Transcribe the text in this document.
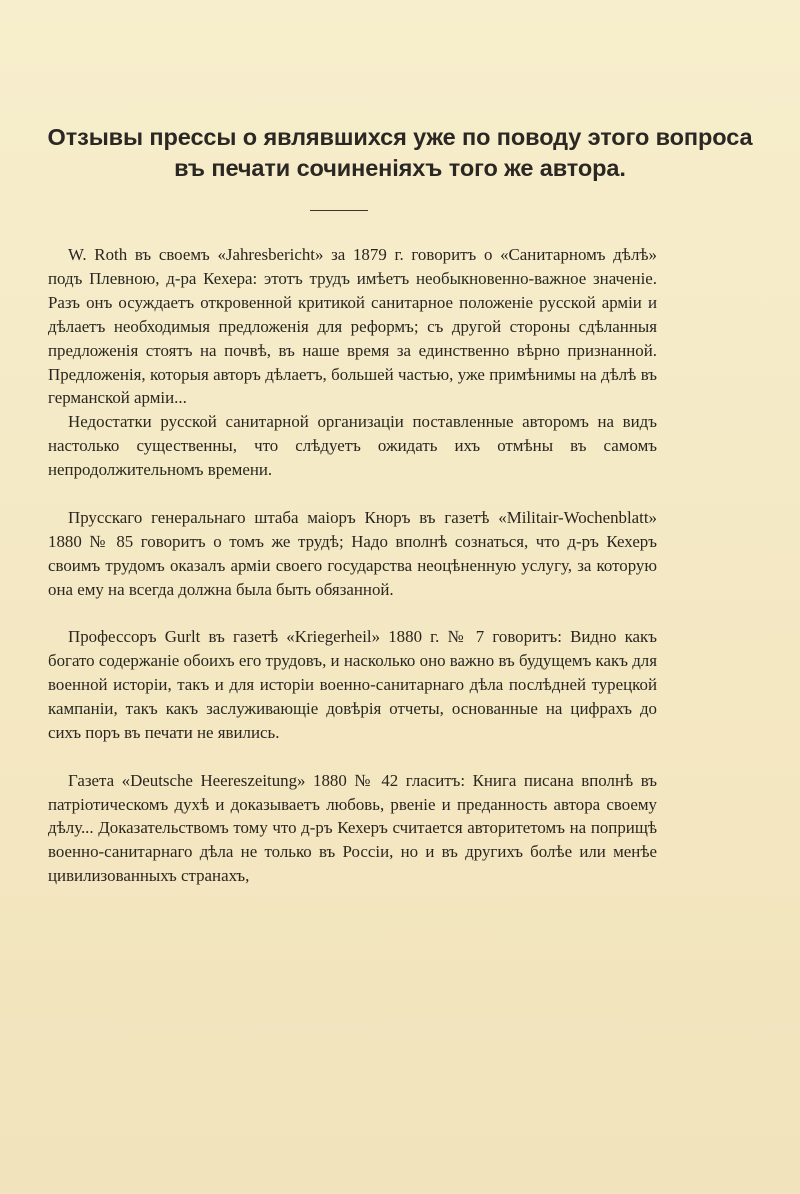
Отзывы прессы о являвшихся уже по поводу этого вопроса
въ печати сочиненіяхъ того же автора.

W. Roth въ своемъ «Jahresbericht» за 1879 г. говоритъ о «Санитарномъ дѣлѣ» подъ Плевною, д-ра Кехера: этотъ трудъ имѣетъ необыкновенно-важное значеніе. Разъ онъ осуждаетъ откровенной критикой санитарное положеніе русской арміи и дѣлаетъ необходимыя предложенія для реформъ; съ другой стороны сдѣланныя предложенія стоятъ на почвѣ, въ наше время за единственно вѣрно признанной. Предложенія, которыя авторъ дѣлаетъ, большей частью, уже примѣнимы на дѣлѣ въ германской арміи...

Недостатки русской санитарной организаціи поставленные авторомъ на видъ настолько существенны, что слѣдуетъ ожидать ихъ отмѣны въ самомъ непродолжительномъ времени.

Прусскаго генеральнаго штаба маіоръ Кноръ въ газетѣ «Militair-Wochenblatt» 1880 № 85 говоритъ о томъ же трудѣ; Надо вполнѣ сознаться, что д-ръ Кехеръ своимъ трудомъ оказалъ арміи своего государства неоцѣненную услугу, за которую она ему на всегда должна была быть обязанной.

Профессоръ Gurlt въ газетѣ «Kriegerheil» 1880 г. № 7 говоритъ: Видно какъ богато содержаніе обоихъ его трудовъ, и насколько оно важно въ будущемъ какъ для военной исторіи, такъ и для исторіи военно-санитарнаго дѣла послѣдней турецкой кампаніи, такъ какъ заслуживающіе довѣрія отчеты, основанные на цифрахъ до сихъ поръ въ печати не явились.

Газета «Deutsche Heereszeitung» 1880 № 42 гласитъ: Книга писана вполнѣ въ патріотическомъ духѣ и доказываетъ любовь, рвеніе и преданность автора своему дѣлу... Доказательствомъ тому что д-ръ Кехеръ считается авторитетомъ на поприщѣ военно-санитарнаго дѣла не только въ Россіи, но и въ другихъ болѣе или менѣе цивилизованныхъ странахъ,
